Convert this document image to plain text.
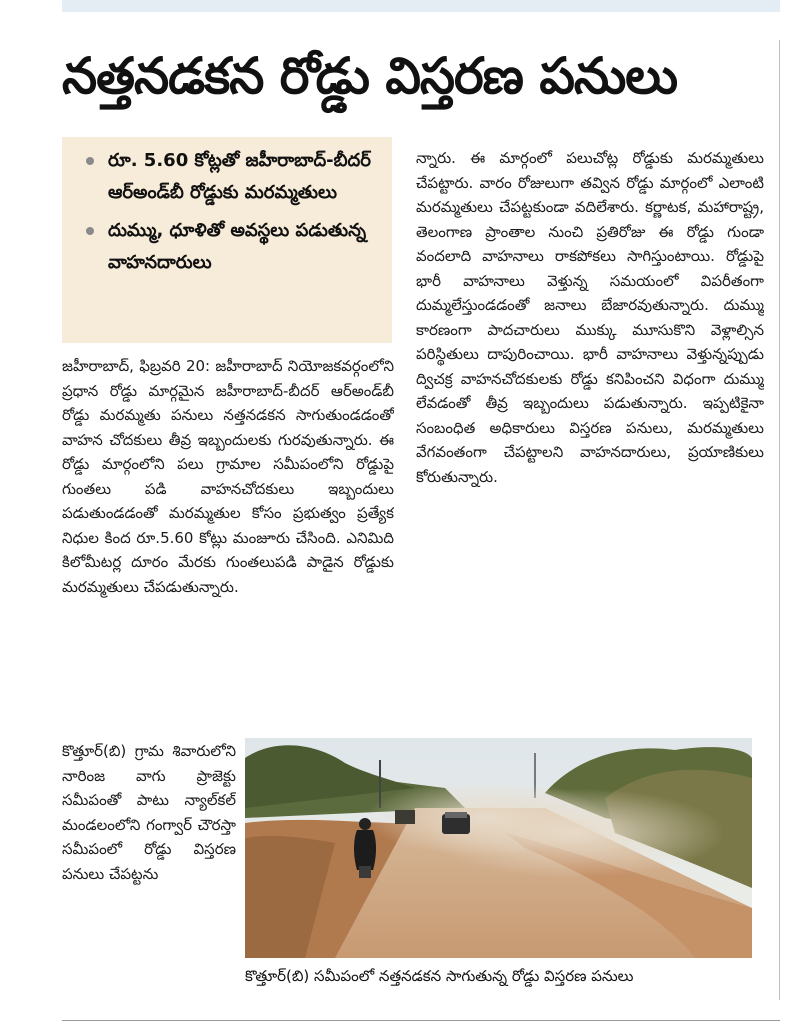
నత్తనడకన రోడ్డు విస్తరణ పనులు
రూ. 5.60 కోట్లతో జహీరాబాద్‌-బీదర్‌ ఆర్‌అండ్‌బీ రోడ్డుకు మరమ్మతులు
దుమ్ము, ధూళితో అవస్థలు పడుతున్న వాహనదారులు
జహీరాబాద్‌, ఫిబ్రవరి 20: జహీరాబాద్‌ నియోజకవర్గంలోని ప్రధాన రోడ్డు మార్గమైన జహీరాబాద్‌-బీదర్‌ ఆర్‌అండ్‌బీ రోడ్డు మరమ్మతు పనులు నత్తనడకన సాగుతుండడంతో వాహన చోదకులు తీవ్ర ఇబ్బందులకు గురవుతున్నారు. ఈ రోడ్డు మార్గంలోని పలు గ్రామాల సమీపంలోని రోడ్డుపై గుంతలు పడి వాహనచోదకులు ఇబ్బందులు పడుతుండడంతో మరమ్మతుల కోసం ప్రభుత్వం ప్రత్యేక నిధుల కింద రూ.5.60 కోట్లు మంజూరు చేసింది. ఎనిమిది కిలోమీటర్ల దూరం మేరకు గుంతలుపడి పాడైన రోడ్డుకు మరమ్మతులు చేపడుతున్నారు.
న్నారు. ఈ మార్గంలో పలుచోట్ల రోడ్డుకు మరమ్మతులు చేపట్టారు. వారం రోజులుగా తవ్విన రోడ్డు మార్గంలో ఎలాంటి మరమ్మతులు చేపట్టకుండా వదిలేశారు. కర్ణాటక, మహారాష్ట్ర, తెలంగాణ ప్రాంతాల నుంచి ప్రతిరోజు ఈ రోడ్డు గుండా వందలాది వాహనాలు రాకపోకలు సాగిస్తుంటాయి. రోడ్డుపై భారీ వాహనాలు వెళ్తున్న సమయంలో విపరీతంగా దుమ్మలేస్తుండడంతో జనాలు బేజారవుతున్నారు. దుమ్ము కారణంగా పాదచారులు ముక్కు మూసుకొని వెళ్లాల్సిన పరిస్థితులు దాపురించాయి. భారీ వాహనాలు వెళ్తున్నప్పుడు ద్విచక్ర వాహనచోదకులకు రోడ్డు కనిపించని విధంగా దుమ్ము లేవడంతో తీవ్ర ఇబ్బందులు పడుతున్నారు. ఇప్పటికైనా సంబంధిత అధికారులు విస్తరణ పనులు, మరమ్మతులు వేగవంతంగా చేపట్టాలని వాహనదారులు, ప్రయాణికులు కోరుతున్నారు.
కొత్తూర్‌(బి) గ్రామ శివారులోని నారింజ వాగు ప్రాజెక్టు సమీపంతో పాటు న్యాల్‌కల్‌ మండలంలోని గంగ్వార్‌ చౌరస్తా సమీపంలో రోడ్డు విస్తరణ పనులు చేపట్టను
కొత్తూర్‌(బి) సమీపంలో నత్తనడకన సాగుతున్న రోడ్డు విస్తరణ పనులు
